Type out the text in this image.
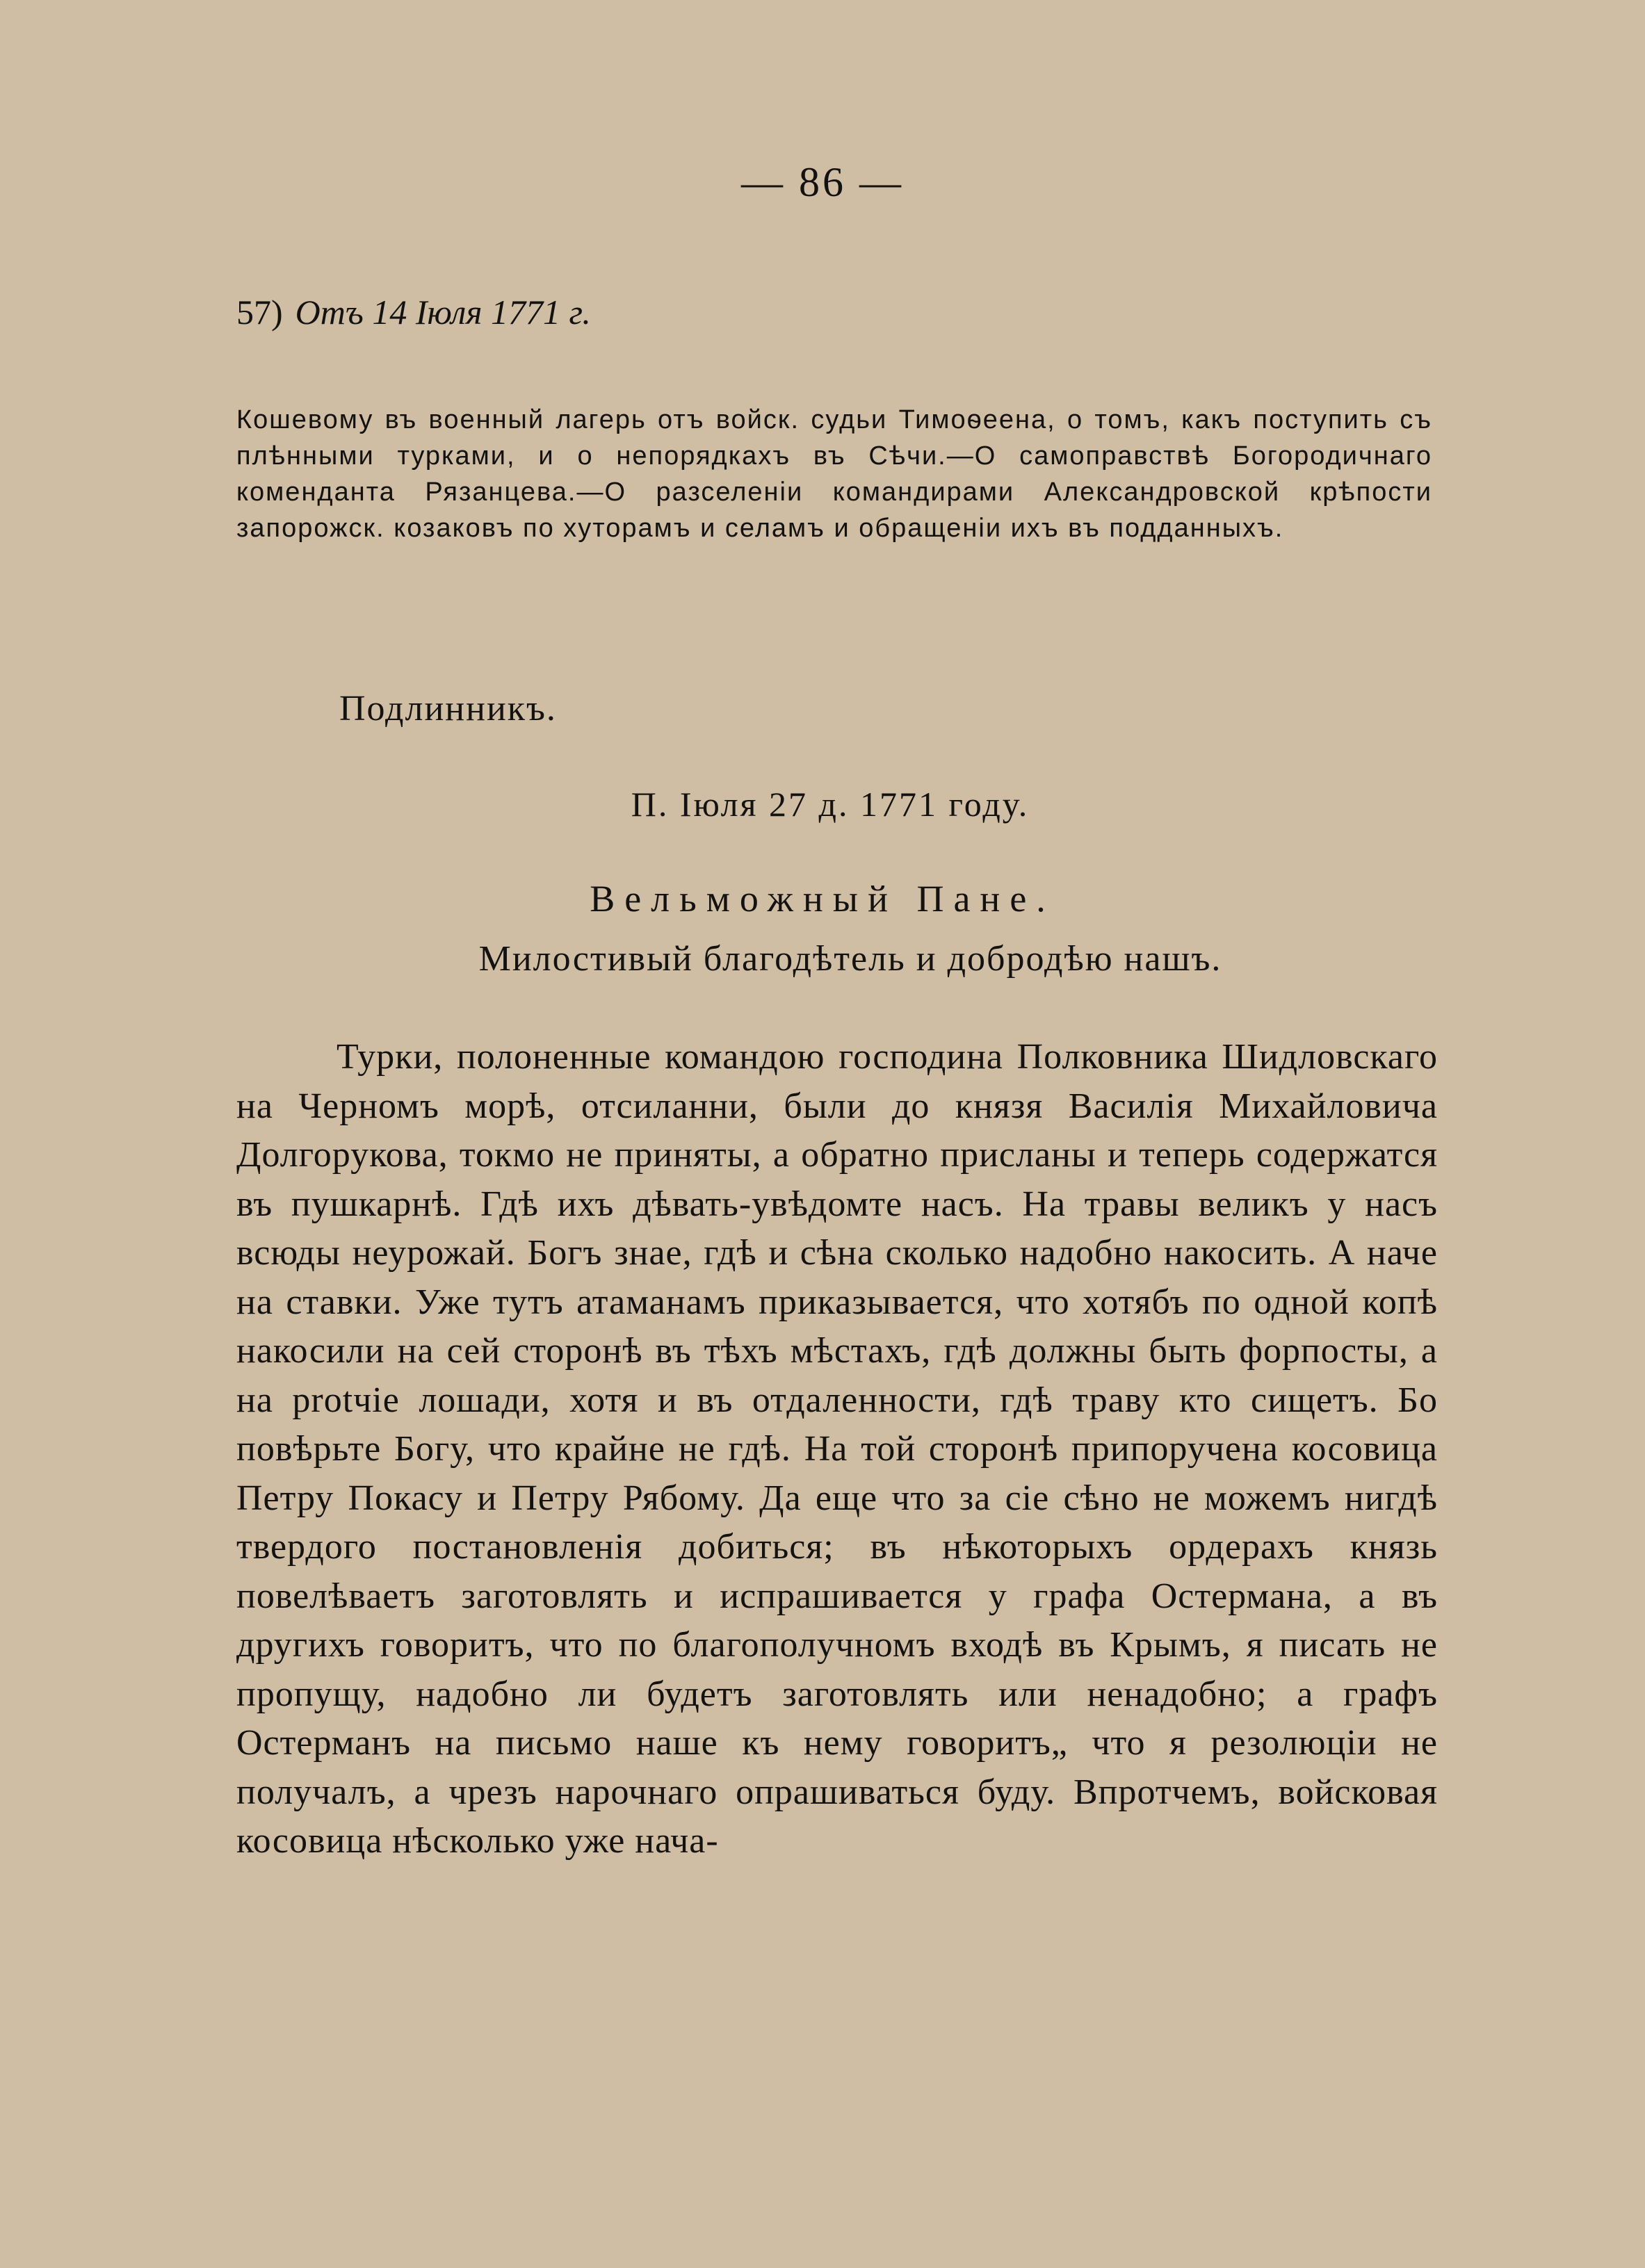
— 86 —
57) Отъ 14 Іюля 1771 г.
Кошевому въ военный лагерь отъ войск. судьи Тимоѳеена, о томъ, какъ поступить съ плѣнными турками, и о непорядкахъ въ Сѣчи.—О самоправствѣ Богородичнаго коменданта Рязанцева.—О разселеніи командирами Александровской крѣпости запорожск. козаковъ по хуторамъ и селамъ и обращеніи ихъ въ подданныхъ.
Подлинникъ.
П. Іюля 27 д. 1771 году.
Вельможный Пане.
Милостивый благодѣтель и добродѣю нашъ.
Турки, полоненные командою господина Полковника Шидловскаго на Черномъ морѣ, отсиланни, были до князя Василія Михайловича Долгорукова, токмо не приняты, а обратно присланы и теперь содержатся въ пушкарнѣ. Гдѣ ихъ дѣвать-увѣдомте насъ. На травы великъ у насъ всюды неурожай. Богъ знае, гдѣ и сѣна сколько надобно накосить. А наче на ставки. Уже тутъ атаманамъ приказывается, что хотябъ по одной копѣ накосили на сей сторонѣ въ тѣхъ мѣстахъ, гдѣ должны быть форпосты, а на protчіе лошади, хотя и въ отдаленности, гдѣ траву кто сищетъ. Бо повѣрьте Богу, что крайне не гдѣ. На той сторонѣ припоручена косовица Петру Покасу и Петру Рябому. Да еще что за сіе сѣно не можемъ нигдѣ твердого постановленія добиться; въ нѣкоторыхъ ордерахъ князь повелѣваетъ заготовлять и испрашивается у графа Остермана, а въ другихъ говоритъ, что по благополучномъ входѣ въ Крымъ, я писать не пропущу, надобно ли будетъ заготовлять или ненадобно; а графъ Остерманъ на письмо наше къ нему говоритъ„ что я резолюціи не получалъ, а чрезъ нарочнаго опрашиваться буду. Впротчемъ, войсковая косовица нѣсколько уже нача-
